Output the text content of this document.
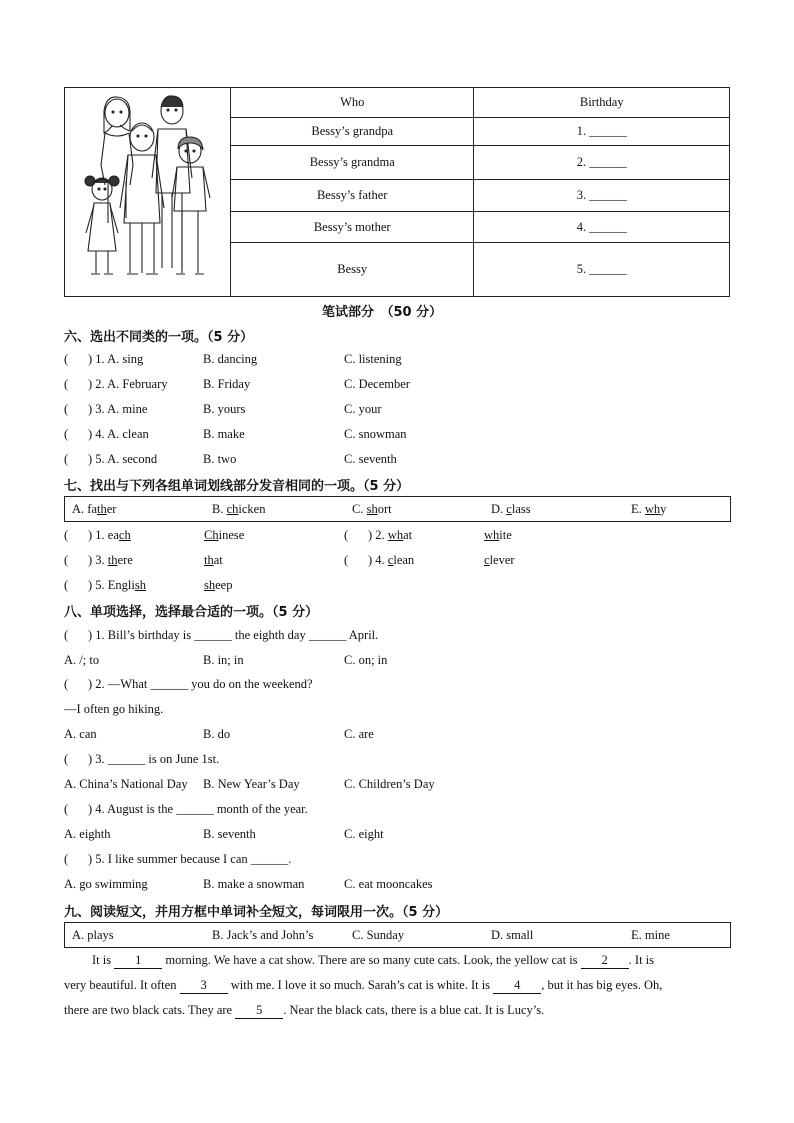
	Who	Birthday
	Bessy’s grandpa	1. ______
	Bessy’s grandma	2. ______
	Bessy’s father	3. ______
	Bessy’s mother	4. ______
	Bessy	5. ______
笔试部分　（50 分）
六、选出不同类的一项。（5 分）
( ) 1. A. sing	B. dancing	C. listening
( ) 2. A. February	B. Friday	C. December
( ) 3. A. mine	B. yours	C. your
( ) 4. A. clean	B. make	C. snowman
( ) 5. A. second	B. two	C. seventh
七、找出与下列各组单词划线部分发音相同的一项。（5 分）
A. father	B. chicken	C. short	D. class	E. why
( ) 1. each	Chinese	( ) 2. what	white
( ) 3. there	that	( ) 4. clean	clever
( ) 5. English	sheep
八、单项选择，选择最合适的一项。（5 分）
( ) 1. Bill’s birthday is ______ the eighth day ______ April.
A. /; to	B. in; in	C. on; in
( ) 2. —What ______ you do on the weekend?
—I often go hiking.
A. can	B. do	C. are
( ) 3. ______ is on June 1st.
A. China’s National Day B. New Year’s Day	C. Children’s Day
( ) 4. August is the ______ month of the year.
A. eighth	B. seventh	C. eight
( ) 5. I like summer because I can ______.
A. go swimming	B. make a snowman	C. eat mooncakes
九、阅读短文，并用方框中单词补全短文，每词限用一次。（5 分）
A. plays	B. Jack’s and John’s	C. Sunday	D. small	E. mine
It is 1 morning. We have a cat show. There are so many cute cats. Look, the yellow cat is 2 . It is
very beautiful. It often 3 with me. I love it so much. Sarah’s cat is white. It is 4 , but it has big eyes. Oh,
there are two black cats. They are 5 . Near the black cats, there is a blue cat. It is Lucy’s.
